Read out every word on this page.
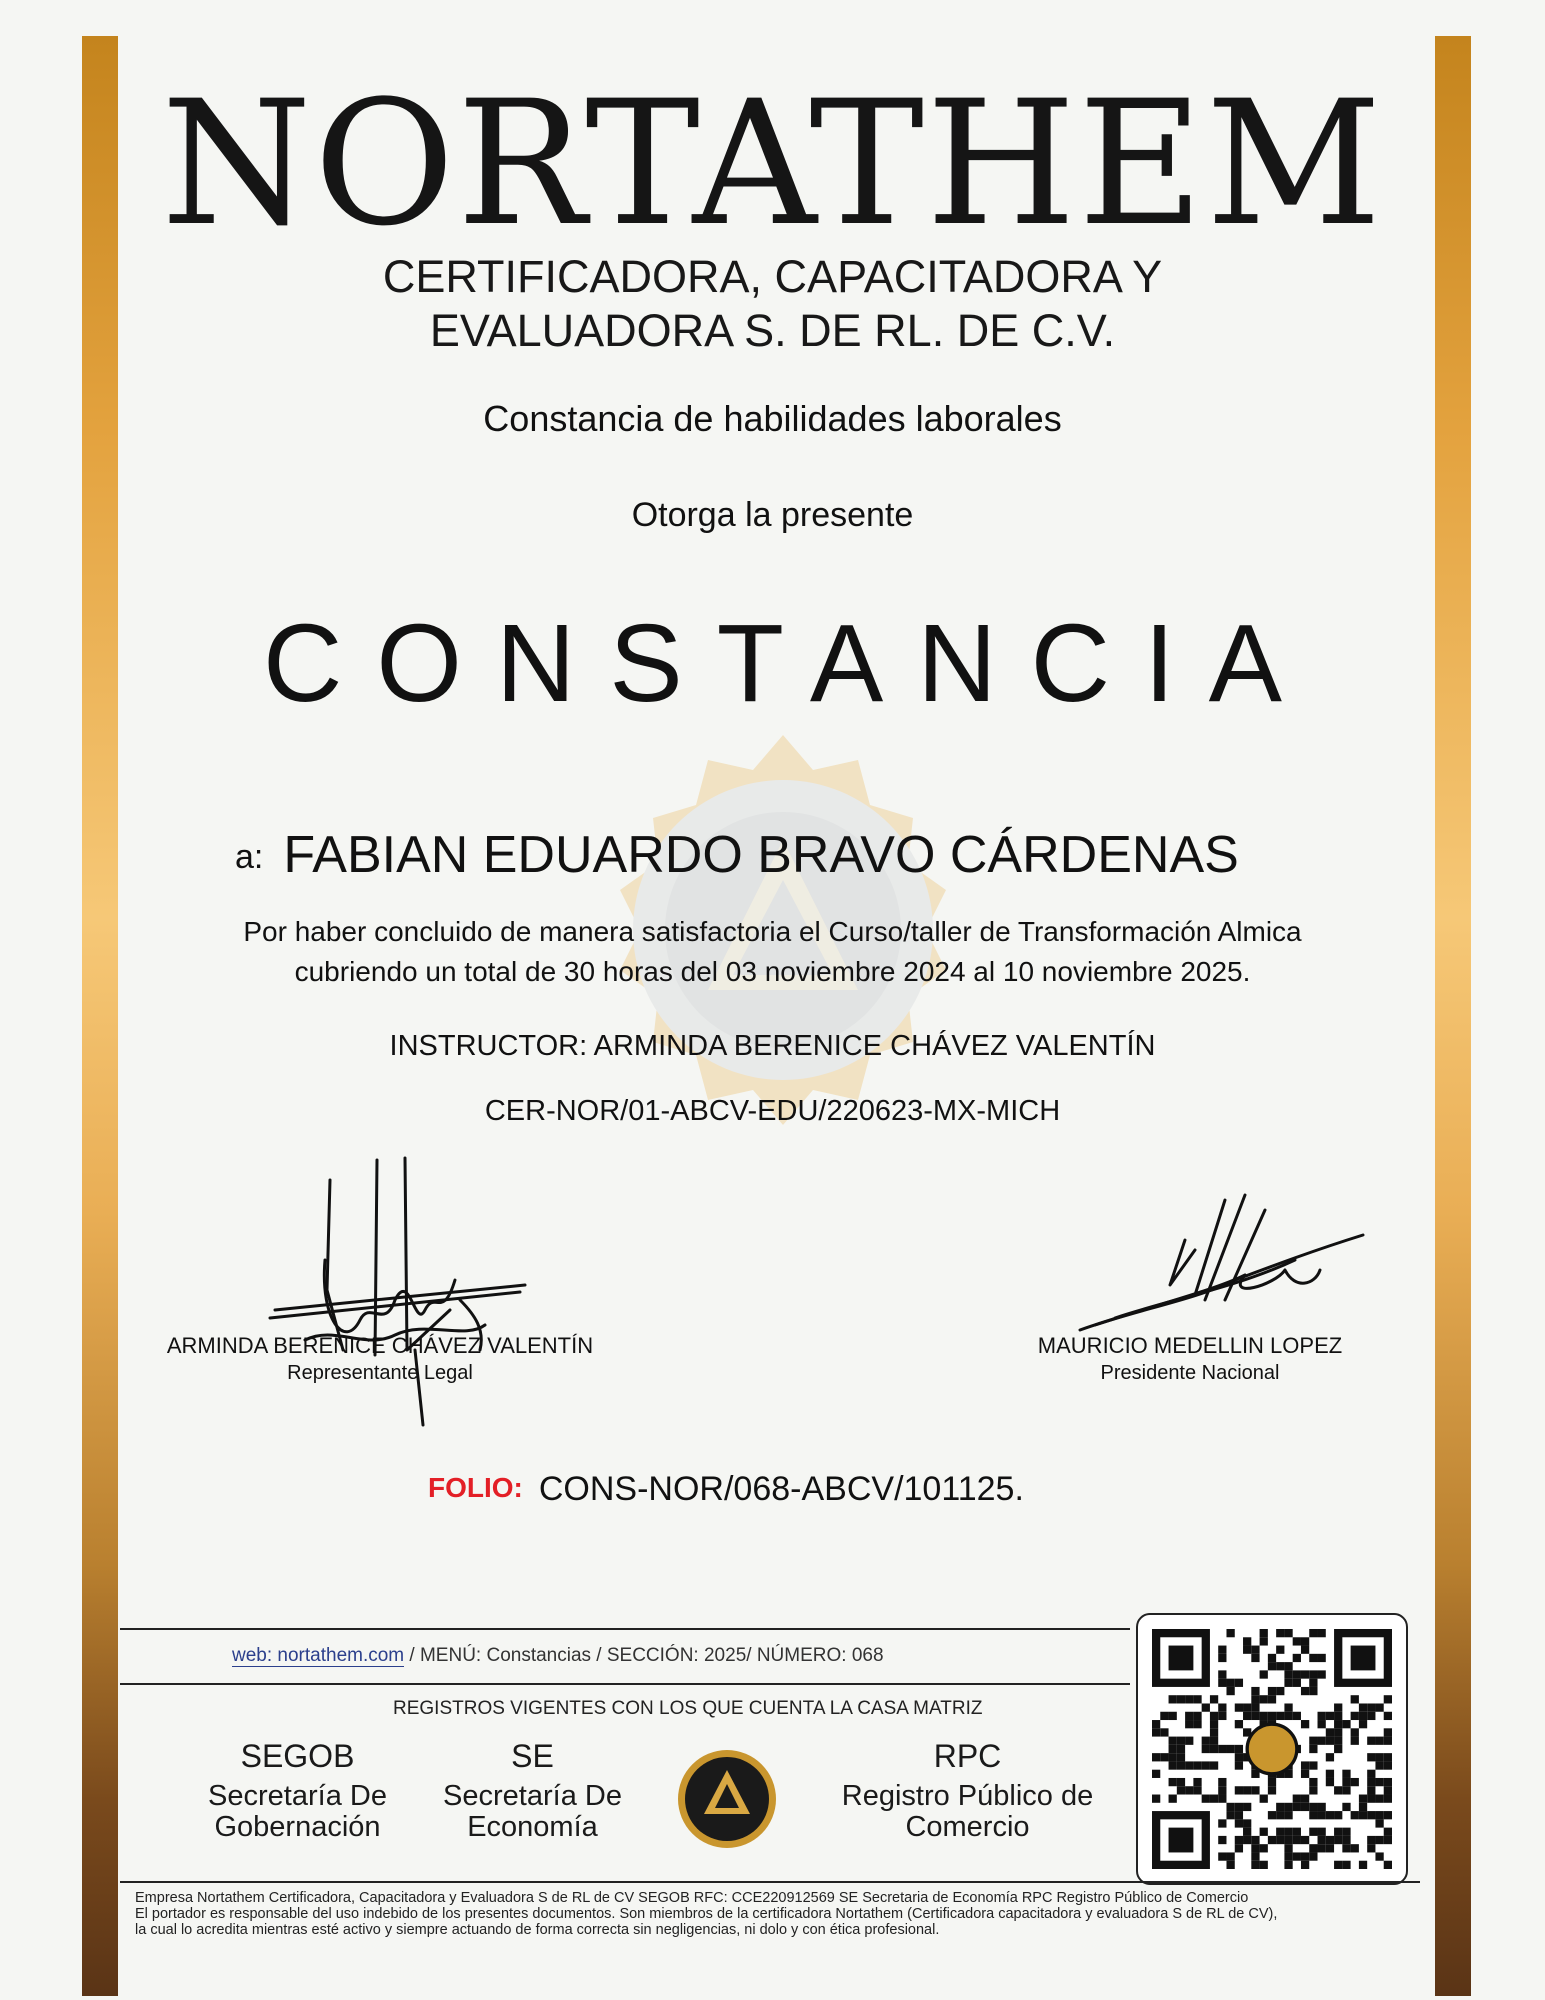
NORTATHEM
CERTIFICADORA, CAPACITADORA Y
EVALUADORA S. DE RL. DE C.V.
Constancia de habilidades laborales
Otorga la presente
CONSTANCIA
a: FABIAN EDUARDO BRAVO CÁRDENAS
Por haber concluido de manera satisfactoria el Curso/taller de Transformación Almica
cubriendo un total de 30 horas del 03 noviembre 2024 al 10 noviembre 2025.
INSTRUCTOR: ARMINDA BERENICE CHÁVEZ VALENTÍN
CER-NOR/01-ABCV-EDU/220623-MX-MICH
ARMINDA BERENICE CHÁVEZ VALENTÍN
Representante Legal
MAURICIO MEDELLIN LOPEZ
Presidente Nacional
FOLIO: CONS-NOR/068-ABCV/101125.
web: nortathem.com / MENÚ: Constancias / SECCIÓN: 2025/ NÚMERO: 068
REGISTROS VIGENTES CON LOS QUE CUENTA LA CASA MATRIZ
SEGOB
Secretaría De
Gobernación
SE
Secretaría De
Economía
RPC
Registro Público de
Comercio
Empresa Nortathem Certificadora, Capacitadora y Evaluadora S de RL de CV SEGOB RFC: CCE220912569 SE Secretaria de Economía RPC Registro Público de Comercio
El portador es responsable del uso indebido de los presentes documentos. Son miembros de la certificadora Nortathem (Certificadora capacitadora y evaluadora S de RL de CV),
la cual lo acredita mientras esté activo y siempre actuando de forma correcta sin negligencias, ni dolo y con ética profesional.
